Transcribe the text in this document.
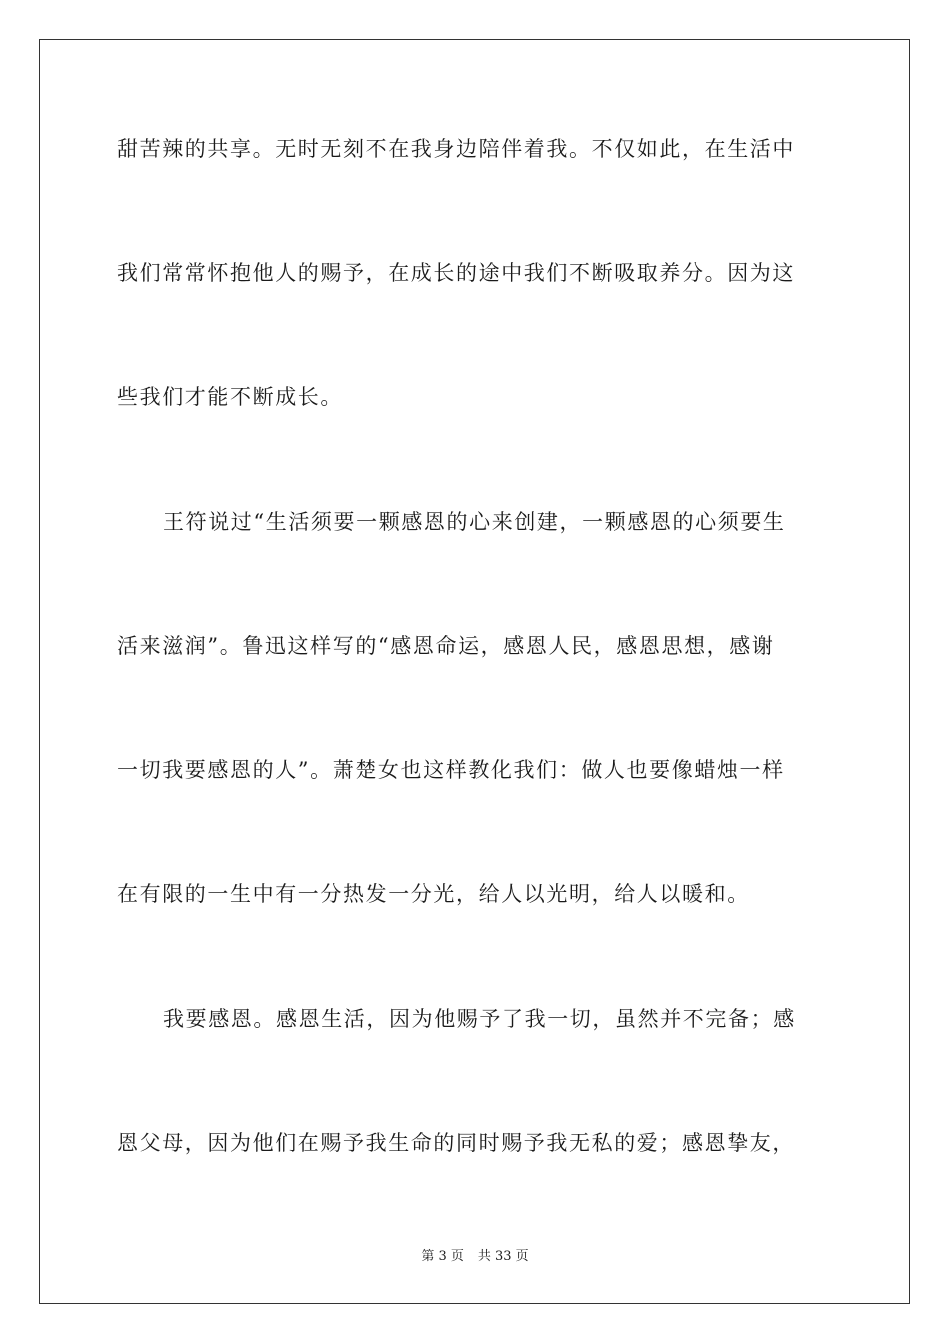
甜苦辣的共享。无时无刻不在我身边陪伴着我。不仅如此，在生活中
我们常常怀抱他人的赐予，在成长的途中我们不断吸取养分。因为这
些我们才能不断成长。
王符说过“生活须要一颗感恩的心来创建，一颗感恩的心须要生
活来滋润”。鲁迅这样写的“感恩命运，感恩人民，感恩思想，感谢
一切我要感恩的人”。萧楚女也这样教化我们：做人也要像蜡烛一样
在有限的一生中有一分热发一分光，给人以光明，给人以暖和。
我要感恩。感恩生活，因为他赐予了我一切，虽然并不完备；感
恩父母，因为他们在赐予我生命的同时赐予我无私的爱；感恩挚友，
第 3 页 共 33 页
